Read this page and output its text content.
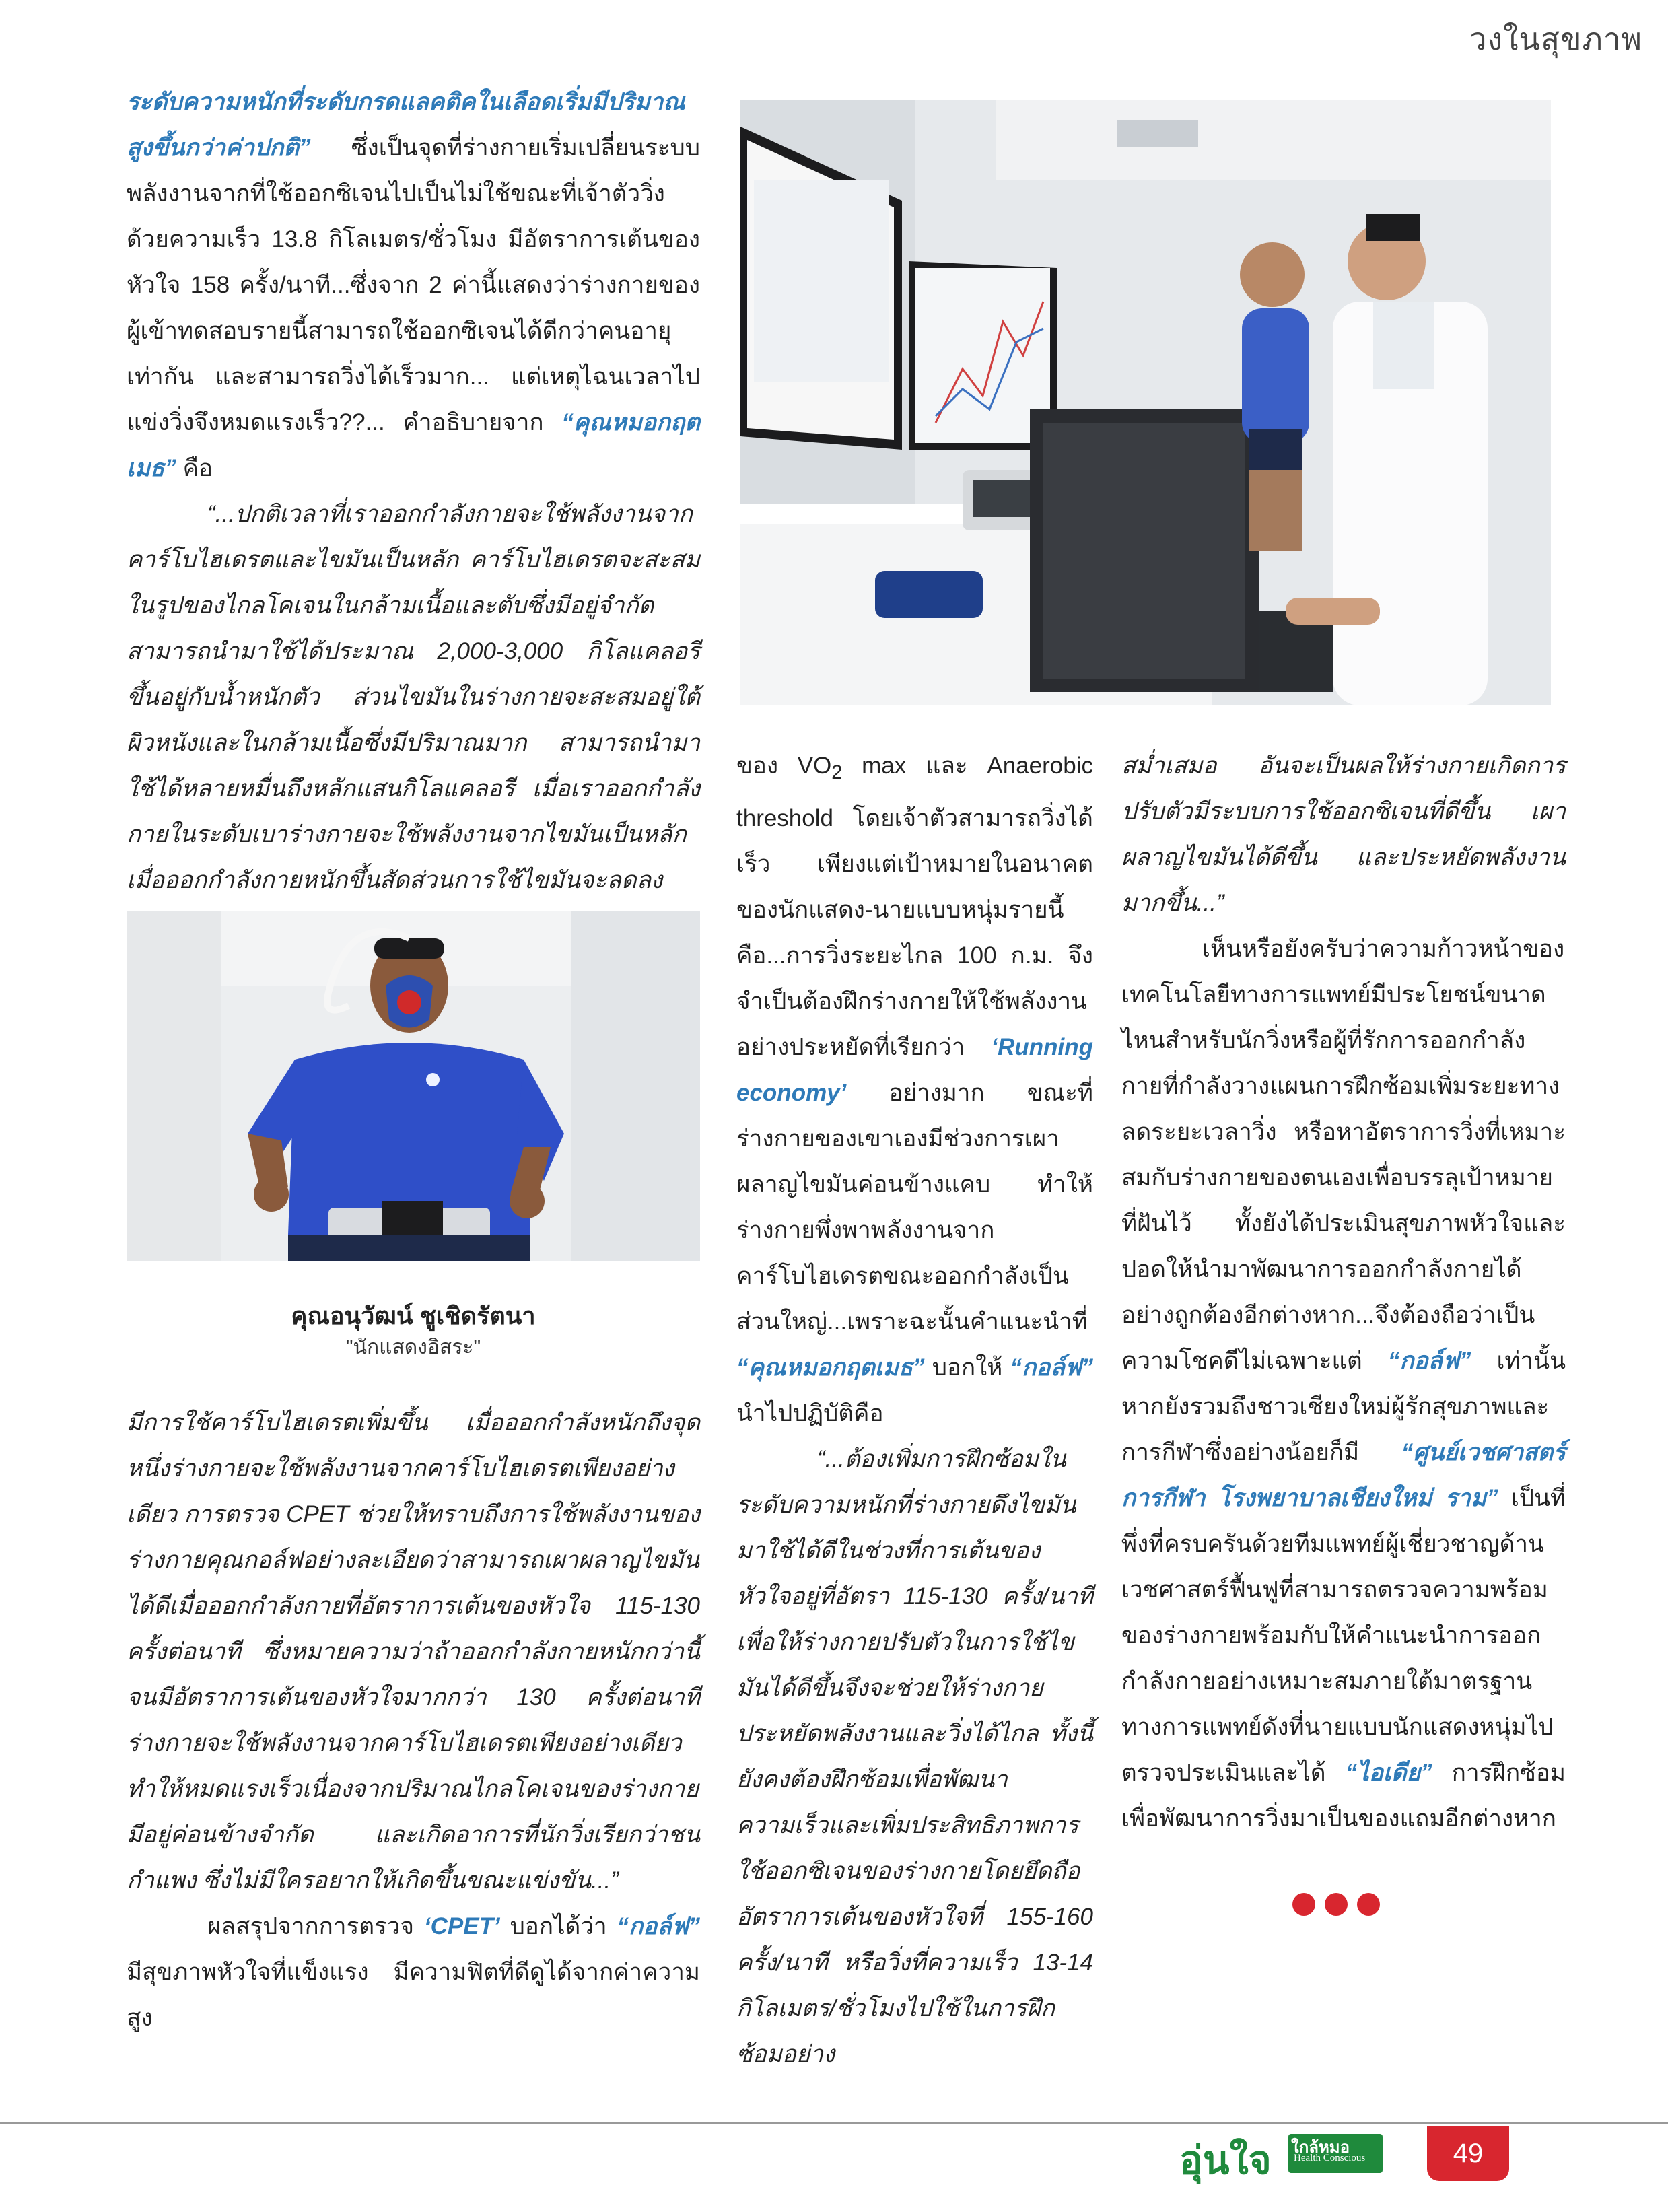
วงในสุขภาพ

ระดับความหนักที่ระดับกรดแลคติคในเลือดเริ่มมีปริมาณสูงขึ้นกว่าค่าปกติ” ซึ่งเป็นจุดที่ร่างกายเริ่มเปลี่ยนระบบพลังงานจากที่ใช้ออกซิเจนไปเป็นไม่ใช้ขณะที่เจ้าตัววิ่งด้วยความเร็ว 13.8 กิโลเมตร/ชั่วโมง มีอัตราการเต้นของหัวใจ 158 ครั้ง/นาที...ซึ่งจาก 2 ค่านี้แสดงว่าร่างกายของผู้เข้าทดสอบรายนี้สามารถใช้ออกซิเจนได้ดีกว่าคนอายุเท่ากัน และสามารถวิ่งได้เร็วมาก... แต่เหตุไฉนเวลาไปแข่งวิ่งจึงหมดแรงเร็ว??... คำอธิบายจาก “คุณหมอกฤตเมธ” คือ

“...ปกติเวลาที่เราออกกำลังกายจะใช้พลังงานจากคาร์โบไฮเดรตและไขมันเป็นหลัก คาร์โบไฮเดรตจะสะสมในรูปของไกลโคเจนในกล้ามเนื้อและตับซึ่งมีอยู่จำกัด สามารถนำมาใช้ได้ประมาณ 2,000-3,000 กิโลแคลอรี ขึ้นอยู่กับน้ำหนักตัว ส่วนไขมันในร่างกายจะสะสมอยู่ใต้ผิวหนังและในกล้ามเนื้อซึ่งมีปริมาณมาก สามารถนำมาใช้ได้หลายหมื่นถึงหลักแสนกิโลแคลอรี เมื่อเราออกกำลังกายในระดับเบาร่างกายจะใช้พลังงานจากไขมันเป็นหลัก เมื่อออกกำลังกายหนักขึ้นสัดส่วนการใช้ไขมันจะลดลง

คุณอนุวัฒน์ ชูเชิดรัตนา
"นักแสดงอิสระ"

มีการใช้คาร์โบไฮเดรตเพิ่มขึ้น เมื่อออกกำลังหนักถึงจุดหนึ่งร่างกายจะใช้พลังงานจากคาร์โบไฮเดรตเพียงอย่างเดียว การตรวจ CPET ช่วยให้ทราบถึงการใช้พลังงานของร่างกายคุณกอล์ฟอย่างละเอียดว่าสามารถเผาผลาญไขมันได้ดีเมื่อออกกำลังกายที่อัตราการเต้นของหัวใจ 115-130 ครั้งต่อนาที ซึ่งหมายความว่าถ้าออกกำลังกายหนักกว่านี้จนมีอัตราการเต้นของหัวใจมากกว่า 130 ครั้งต่อนาที ร่างกายจะใช้พลังงานจากคาร์โบไฮเดรตเพียงอย่างเดียว ทำให้หมดแรงเร็วเนื่องจากปริมาณไกลโคเจนของร่างกายมีอยู่ค่อนข้างจำกัด และเกิดอาการที่นักวิ่งเรียกว่าชนกำแพง ซึ่งไม่มีใครอยากให้เกิดขึ้นขณะแข่งขัน...”

ผลสรุปจากการตรวจ ‘CPET’ บอกได้ว่า “กอล์ฟ” มีสุขภาพหัวใจที่แข็งแรง มีความฟิตที่ดีดูได้จากค่าความสูง

ของ $VO_2$ max และ Anaerobic threshold โดยเจ้าตัวสามารถวิ่งได้เร็ว เพียงแต่เป้าหมายในอนาคตของนักแสดง-นายแบบหนุ่มรายนี้คือ...การวิ่งระยะไกล 100 ก.ม. จึงจำเป็นต้องฝึกร่างกายให้ใช้พลังงานอย่างประหยัดที่เรียกว่า ‘Running economy’ อย่างมาก ขณะที่ร่างกายของเขาเองมีช่วงการเผาผลาญไขมันค่อนข้างแคบ ทำให้ร่างกายพึ่งพาพลังงานจากคาร์โบไฮเดรตขณะออกกำลังเป็นส่วนใหญ่...เพราะฉะนั้นคำแนะนำที่ “คุณหมอกฤตเมธ” บอกให้ “กอล์ฟ” นำไปปฏิบัติคือ

“...ต้องเพิ่มการฝึกซ้อมในระดับความหนักที่ร่างกายดึงไขมันมาใช้ได้ดีในช่วงที่การเต้นของหัวใจอยู่ที่อัตรา 115-130 ครั้ง/นาที เพื่อให้ร่างกายปรับตัวในการใช้ไขมันได้ดีขึ้นจึงจะช่วยให้ร่างกายประหยัดพลังงานและวิ่งได้ไกล ทั้งนี้ ยังคงต้องฝึกซ้อมเพื่อพัฒนาความเร็วและเพิ่มประสิทธิภาพการใช้ออกซิเจนของร่างกายโดยยึดถืออัตราการเต้นของหัวใจที่ 155-160 ครั้ง/นาที หรือวิ่งที่ความเร็ว 13-14 กิโลเมตร/ชั่วโมงไปใช้ในการฝึกซ้อมอย่าง

สม่ำเสมอ อันจะเป็นผลให้ร่างกายเกิดการปรับตัวมีระบบการใช้ออกซิเจนที่ดีขึ้น เผาผลาญไขมันได้ดีขึ้น และประหยัดพลังงานมากขึ้น...”

เห็นหรือยังครับว่าความก้าวหน้าของเทคโนโลยีทางการแพทย์มีประโยชน์ขนาดไหนสำหรับนักวิ่งหรือผู้ที่รักการออกกำลังกายที่กำลังวางแผนการฝึกซ้อมเพิ่มระยะทาง ลดระยะเวลาวิ่ง หรือหาอัตราการวิ่งที่เหมาะสมกับร่างกายของตนเองเพื่อบรรลุเป้าหมายที่ฝันไว้ ทั้งยังได้ประเมินสุขภาพหัวใจและปอดให้นำมาพัฒนาการออกกำลังกายได้อย่างถูกต้องอีกต่างหาก...จึงต้องถือว่าเป็นความโชคดีไม่เฉพาะแต่ “กอล์ฟ” เท่านั้น หากยังรวมถึงชาวเชียงใหม่ผู้รักสุขภาพและการกีฬาซึ่งอย่างน้อยก็มี “ศูนย์เวชศาสตร์การกีฬา โรงพยาบาลเชียงใหม่ ราม” เป็นที่พึ่งที่ครบครันด้วยทีมแพทย์ผู้เชี่ยวชาญด้านเวชศาสตร์ฟื้นฟูที่สามารถตรวจความพร้อมของร่างกายพร้อมกับให้คำแนะนำการออกกำลังกายอย่างเหมาะสมภายใต้มาตรฐานทางการแพทย์ดังที่นายแบบนักแสดงหนุ่มไปตรวจประเมินและได้ “ไอเดีย” การฝึกซ้อมเพื่อพัฒนาการวิ่งมาเป็นของแถมอีกต่างหาก

อุ่นใจ ใกล้หมอ
Health Conscious	49
